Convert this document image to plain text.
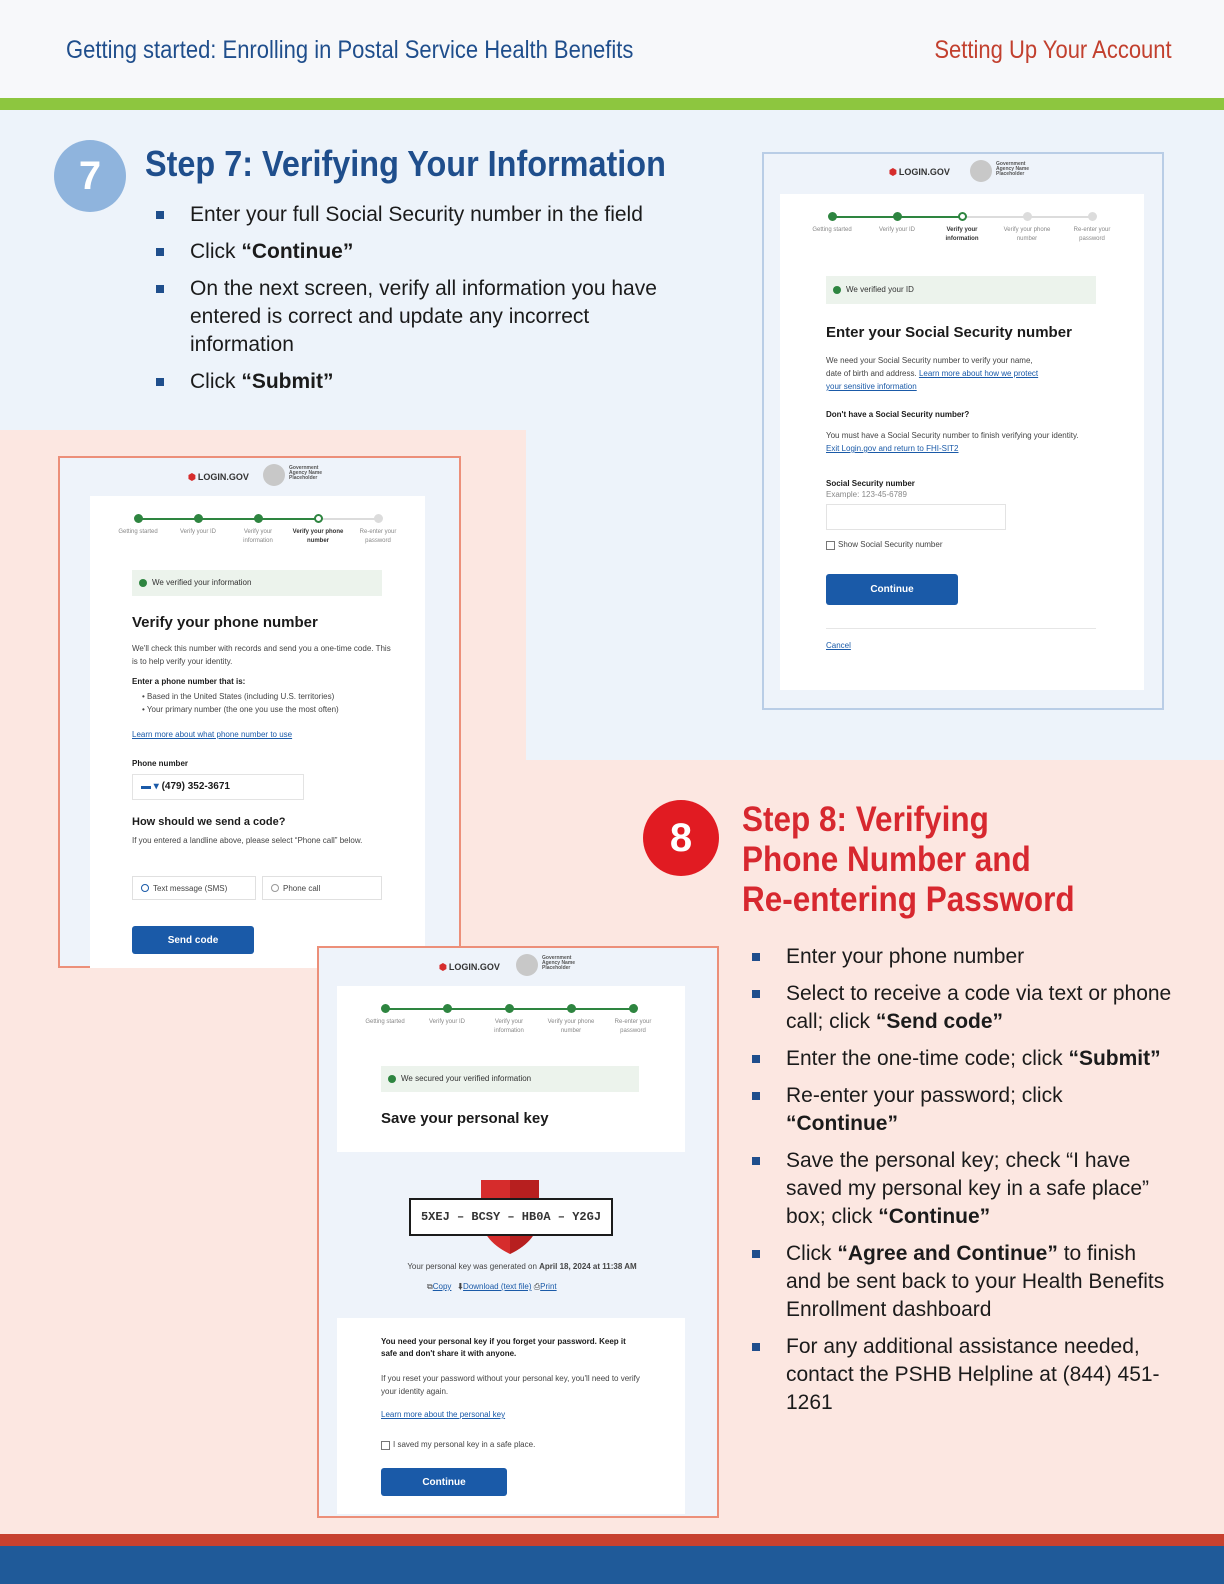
Getting started: Enrolling in Postal Service Health Benefits	Setting Up Your Account
7	Step 7: Verifying Your Information
Enter your full Social Security number in the field
Click “Continue”
On the next screen, verify all information you have entered is correct and update any incorrect information
Click “Submit”
⬢ LOGIN.GOV
Government
Agency Name
Placeholder
Getting started	Verify your ID	Verify your
information
Verify your phone
number
Re-enter your
password
We verified your ID
Enter your Social Security number
We need your Social Security number to verify your name,
date of birth and address. Learn more about how we protect
your sensitive information
Don't have a Social Security number?
You must have a Social Security number to finish verifying your identity. Exit Login.gov and return to FHI-SIT2
Social Security number
Example: 123-45-6789
Show Social Security number
Continue
Cancel
⬢ LOGIN.GOV
Government
Agency Name
Placeholder
Getting started	Verify your ID	Verify your
information
Verify your phone
number
Re-enter your
password
We verified your information
Verify your phone number
We'll check this number with records and send you a one-time code. This is to help verify your identity.
Enter a phone number that is:
• Based in the United States (including U.S. territories)
• Your primary number (the one you use the most often)
Learn more about what phone number to use
Phone number
▬ ▾ (479) 352-3671
How should we send a code?
If you entered a landline above, please select “Phone call” below.
Text message (SMS)	Phone call
Send code
⬢ LOGIN.GOV
Government
Agency Name
Placeholder
Getting started	Verify your ID	Verify your
information
Verify your phone
number
Re-enter your
password
We secured your verified information
Save your personal key
5XEJ – BCSY – HB0A – Y2GJ
Your personal key was generated on April 18, 2024 at 11:38 AM
⧉Copy ⬇Download (text file) ⎙Print
You need your personal key if you forget your password. Keep it safe and don't share it with anyone.
If you reset your password without your personal key, you'll need to verify your identity again.
Learn more about the personal key
I saved my personal key in a safe place.
Continue
8	Step 8: Verifying
Phone Number and
Re-entering Password
Enter your phone number
Select to receive a code via text or phone call; click “Send code”
Enter the one-time code; click “Submit”
Re-enter your password; click “Continue”
Save the personal key; check “I have saved my personal key in a safe place” box; click “Continue”
Click “Agree and Continue” to finish and be sent back to your Health Benefits Enrollment dashboard
For any additional assistance needed, contact the PSHB Helpline at (844) 451-1261
